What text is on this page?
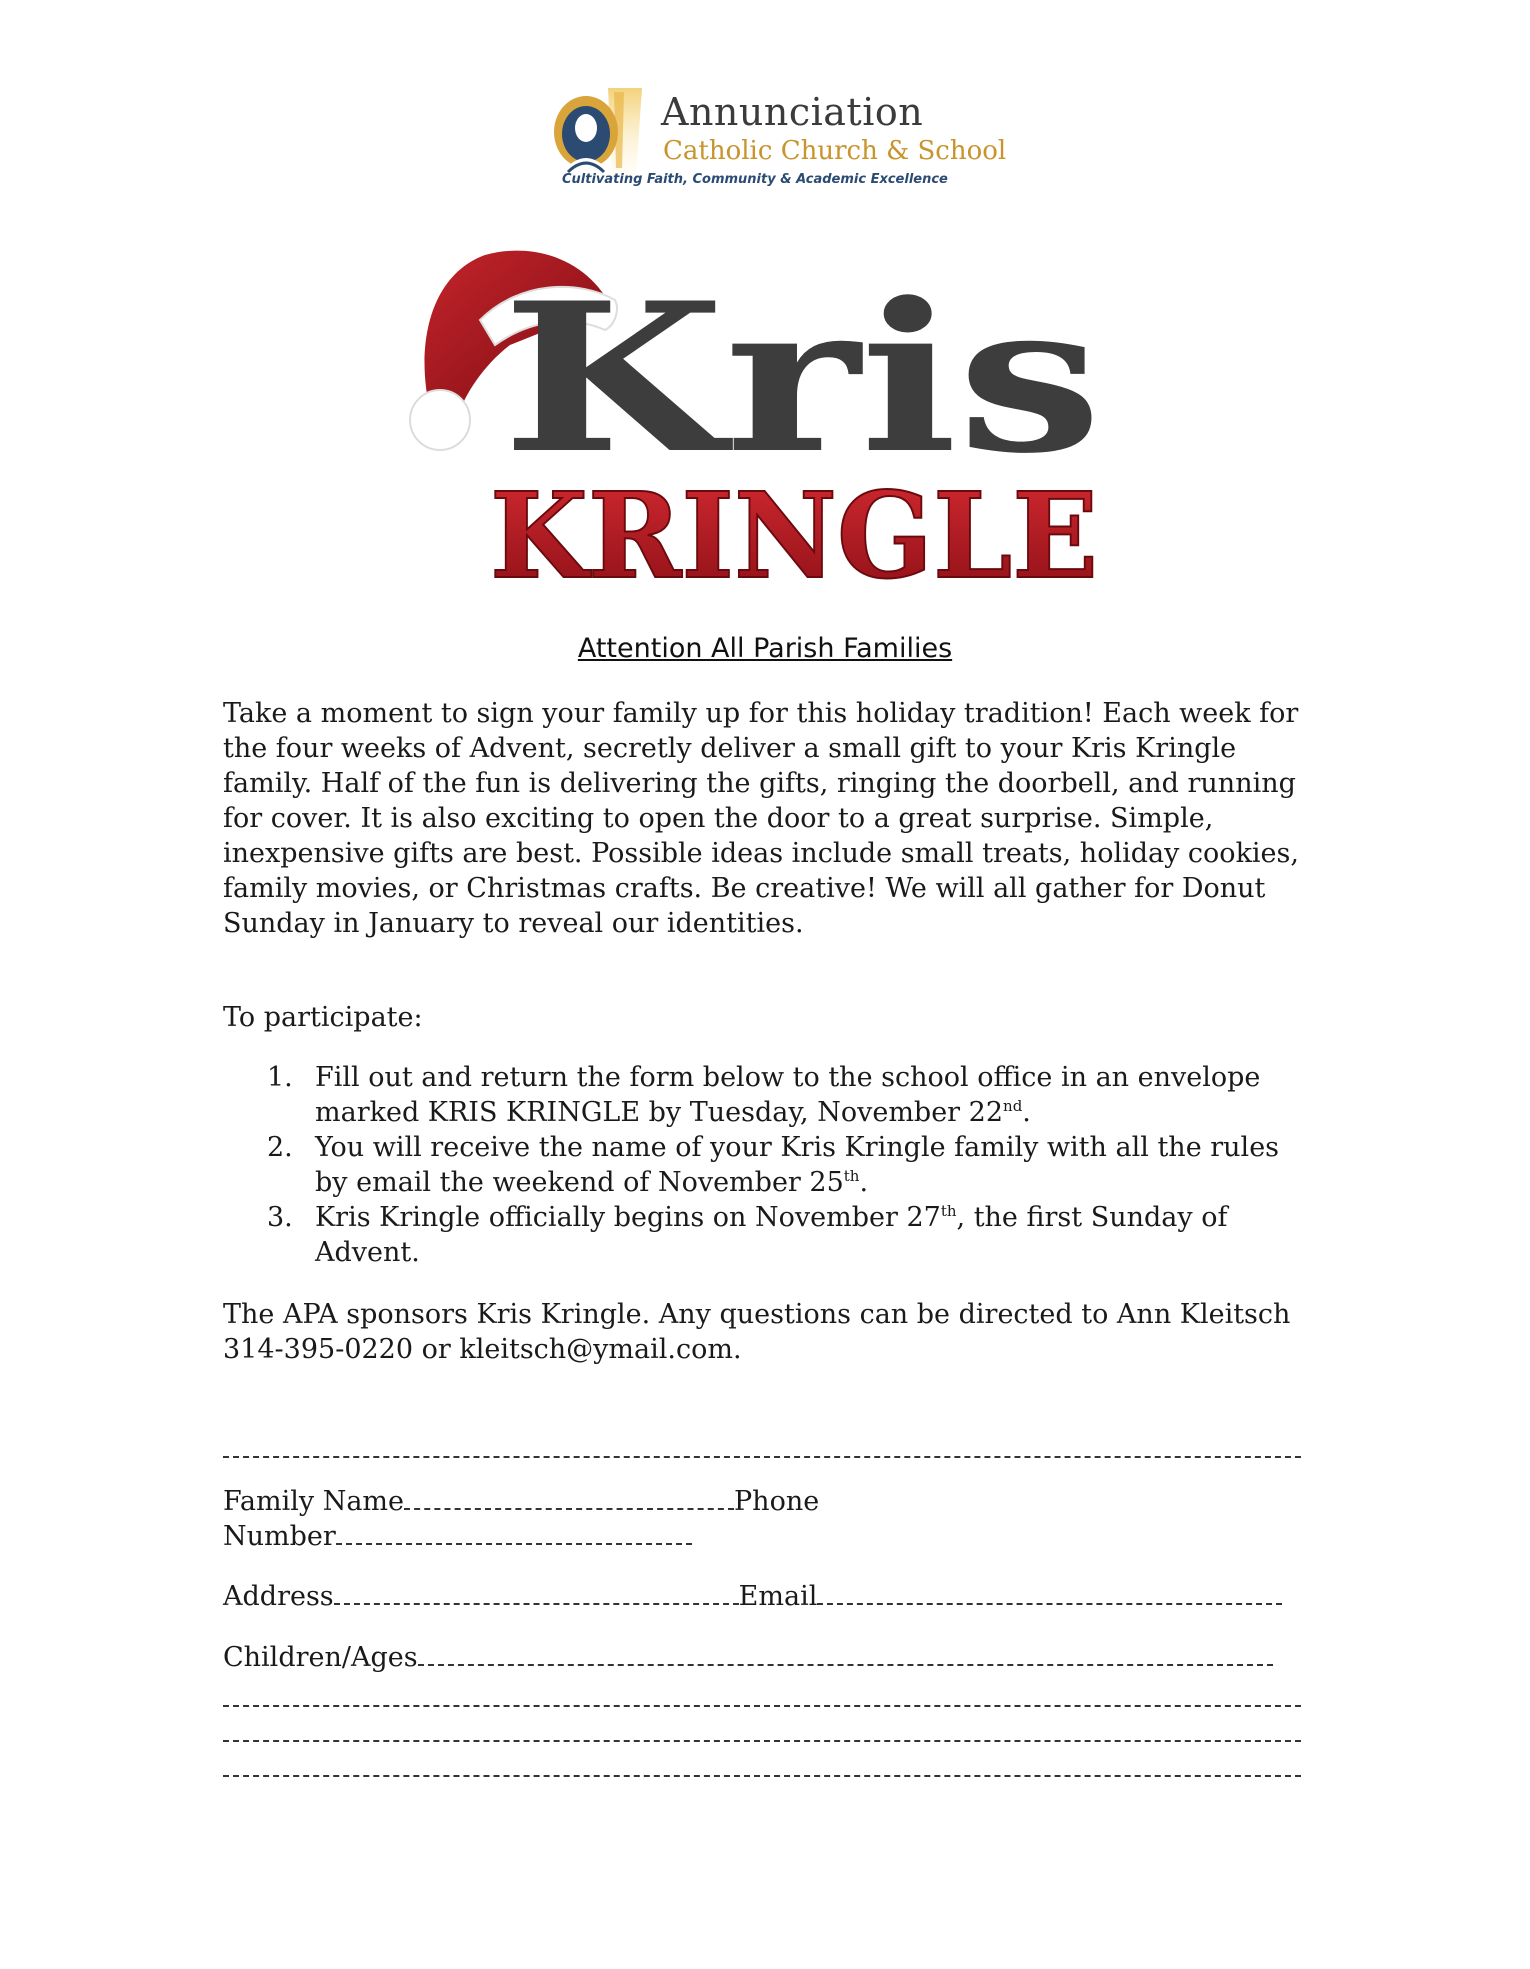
Annunciation
Catholic Church & School
Cultivating Faith, Community & Academic Excellence
Kris
KRINGLE
Attention All Parish Families

Take a moment to sign your family up for this holiday tradition! Each week for the four weeks of Advent, secretly deliver a small gift to your Kris Kringle family. Half of the fun is delivering the gifts, ringing the doorbell, and running for cover. It is also exciting to open the door to a great surprise. Simple, inexpensive gifts are best. Possible ideas include small treats, holiday cookies, family movies, or Christmas crafts. Be creative! We will all gather for Donut Sunday in January to reveal our identities.

To participate:

1. Fill out and return the form below to the school office in an envelope marked KRIS KRINGLE by Tuesday, November 22nd.
2. You will receive the name of your Kris Kringle family with all the rules by email the weekend of November 25th.
3. Kris Kringle officially begins on November 27th, the first Sunday of Advent.

The APA sponsors Kris Kringle. Any questions can be directed to Ann Kleitsch 314-395-0220 or kleitsch@ymail.com.

Family Name	Phone
Number
Address	Email
Children/Ages
